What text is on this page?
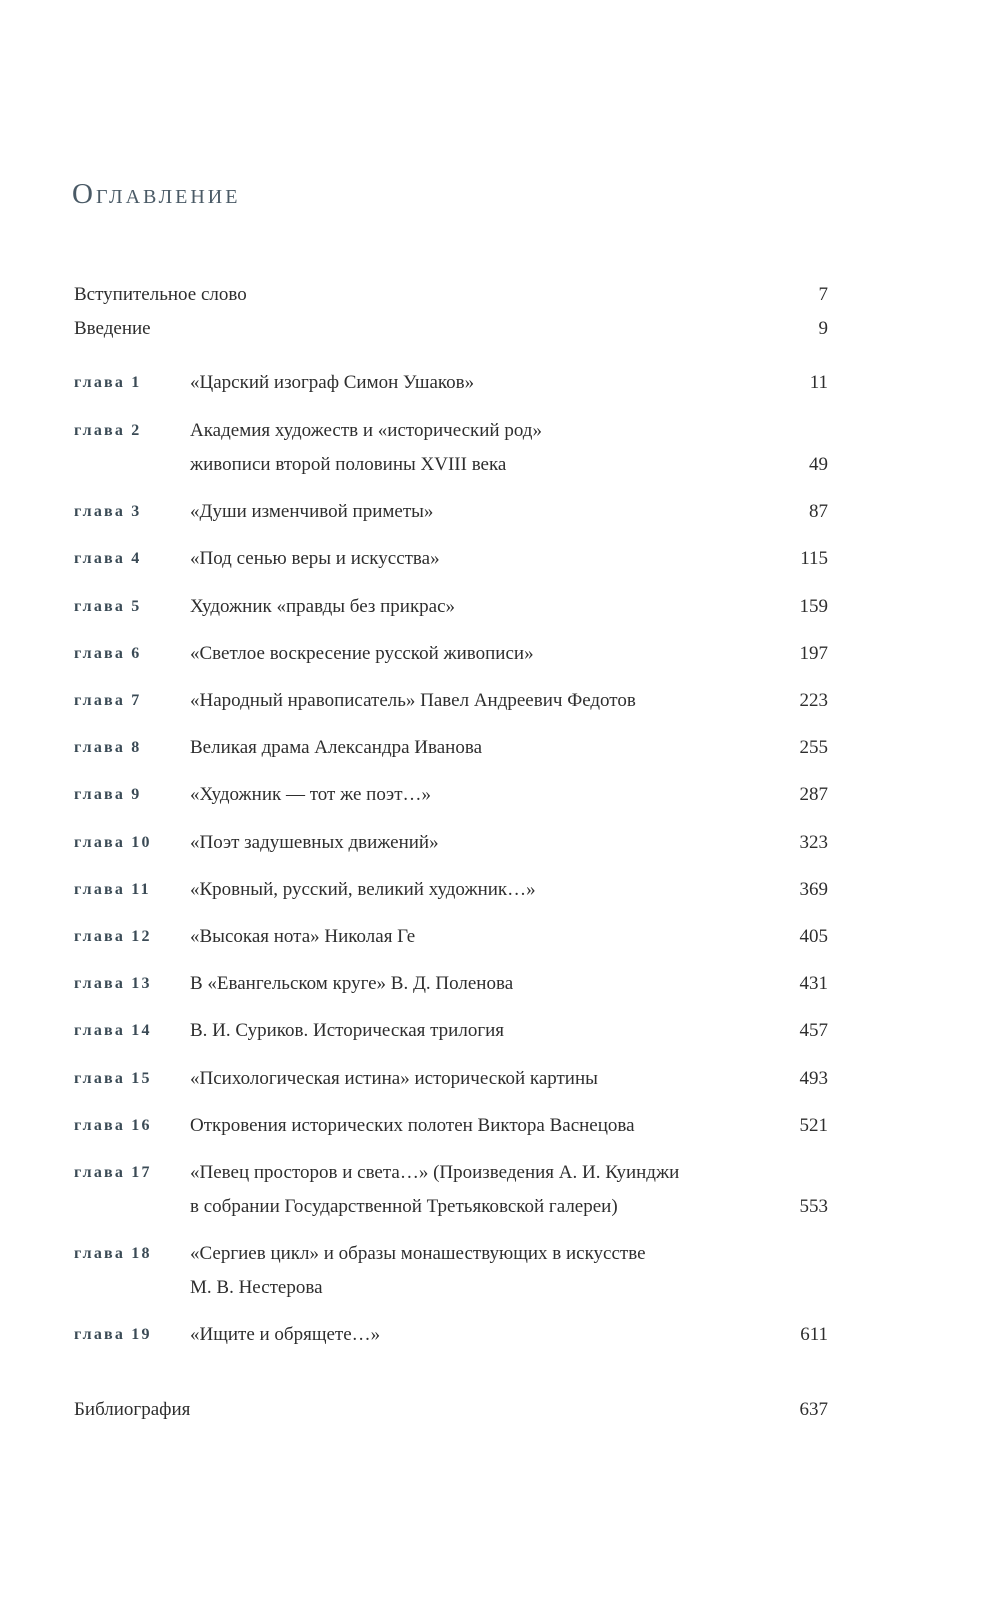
Оглавление
Вступительное слово	7
Введение	9
глава 1	«Царский изограф Симон Ушаков»	11
глава 2	Академия художеств и «исторический род»
живописи второй половины XVIII века	49
глава 3	«Души изменчивой приметы»	87
глава 4	«Под сенью веры и искусства»	115
глава 5	Художник «правды без прикрас»	159
глава 6	«Светлое воскресение русской живописи»	197
глава 7	«Народный нравописатель» Павел Андреевич Федотов	223
глава 8	Великая драма Александра Иванова	255
глава 9	«Художник — тот же поэт…»	287
глава 10 «Поэт задушевных движений»	323
глава 11 «Кровный, русский, великий художник…»	369
глава 12 «Высокая нота» Николая Ге	405
глава 13 В «Евангельском круге» В. Д. Поленова	431
глава 14 В. И. Суриков. Историческая трилогия	457
глава 15 «Психологическая истина» исторической картины	493
глава 16 Откровения исторических полотен Виктора Васнецова	521
глава 17 «Певец просторов и света…» (Произведения А. И. Куинджи
в собрании Государственной Третьяковской галереи)	553
глава 18 «Сергиев цикл» и образы монашествующих в искусстве
М. В. Нестерова
глава 19 «Ищите и обрящете…»	611
Библиография	637
